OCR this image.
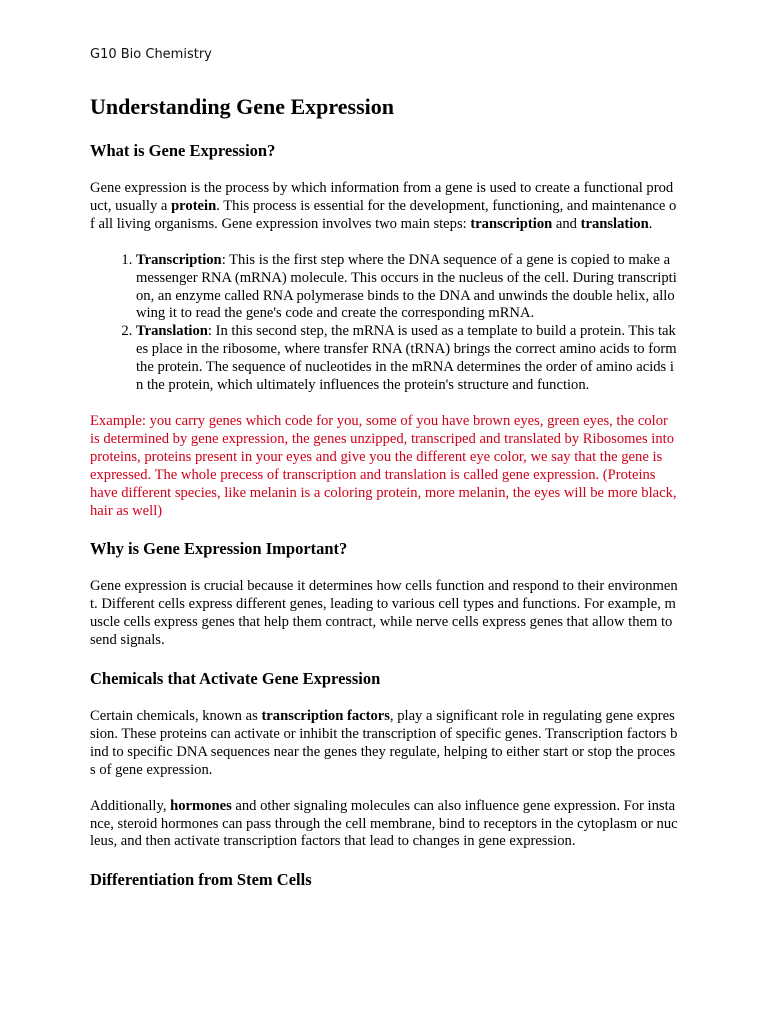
G10 Bio Chemistry
Understanding Gene Expression
What is Gene Expression?

Gene expression is the process by which information from a gene is used to create a functional product, usually a protein. This process is essential for the development, functioning, and maintenance of all living organisms. Gene expression involves two main steps: transcription and translation.

1. Transcription: This is the first step where the DNA sequence of a gene is copied to make a messenger RNA (mRNA) molecule. This occurs in the nucleus of the cell. During transcription, an enzyme called RNA polymerase binds to the DNA and unwinds the double helix, allowing it to read the gene's code and create the corresponding mRNA.
2. Translation: In this second step, the mRNA is used as a template to build a protein. This takes place in the ribosome, where transfer RNA (tRNA) brings the correct amino acids to form the protein. The sequence of nucleotides in the mRNA determines the order of amino acids in the protein, which ultimately influences the protein's structure and function.

Example: you carry genes which code for you, some of you have brown eyes, green eyes, the color is determined by gene expression, the genes unzipped, transcriped and translated by Ribosomes into proteins, proteins present in your eyes and give you the different eye color, we say that the gene is expressed. The whole precess of transcription and translation is called gene expression. (Proteins have different species, like melanin is a coloring protein, more melanin, the eyes will be more black, hair as well)

Why is Gene Expression Important?

Gene expression is crucial because it determines how cells function and respond to their environment. Different cells express different genes, leading to various cell types and functions. For example, muscle cells express genes that help them contract, while nerve cells express genes that allow them to send signals.

Chemicals that Activate Gene Expression

Certain chemicals, known as transcription factors, play a significant role in regulating gene expression. These proteins can activate or inhibit the transcription of specific genes. Transcription factors bind to specific DNA sequences near the genes they regulate, helping to either start or stop the process of gene expression.

Additionally, hormones and other signaling molecules can also influence gene expression. For instance, steroid hormones can pass through the cell membrane, bind to receptors in the cytoplasm or nucleus, and then activate transcription factors that lead to changes in gene expression.

Differentiation from Stem Cells
